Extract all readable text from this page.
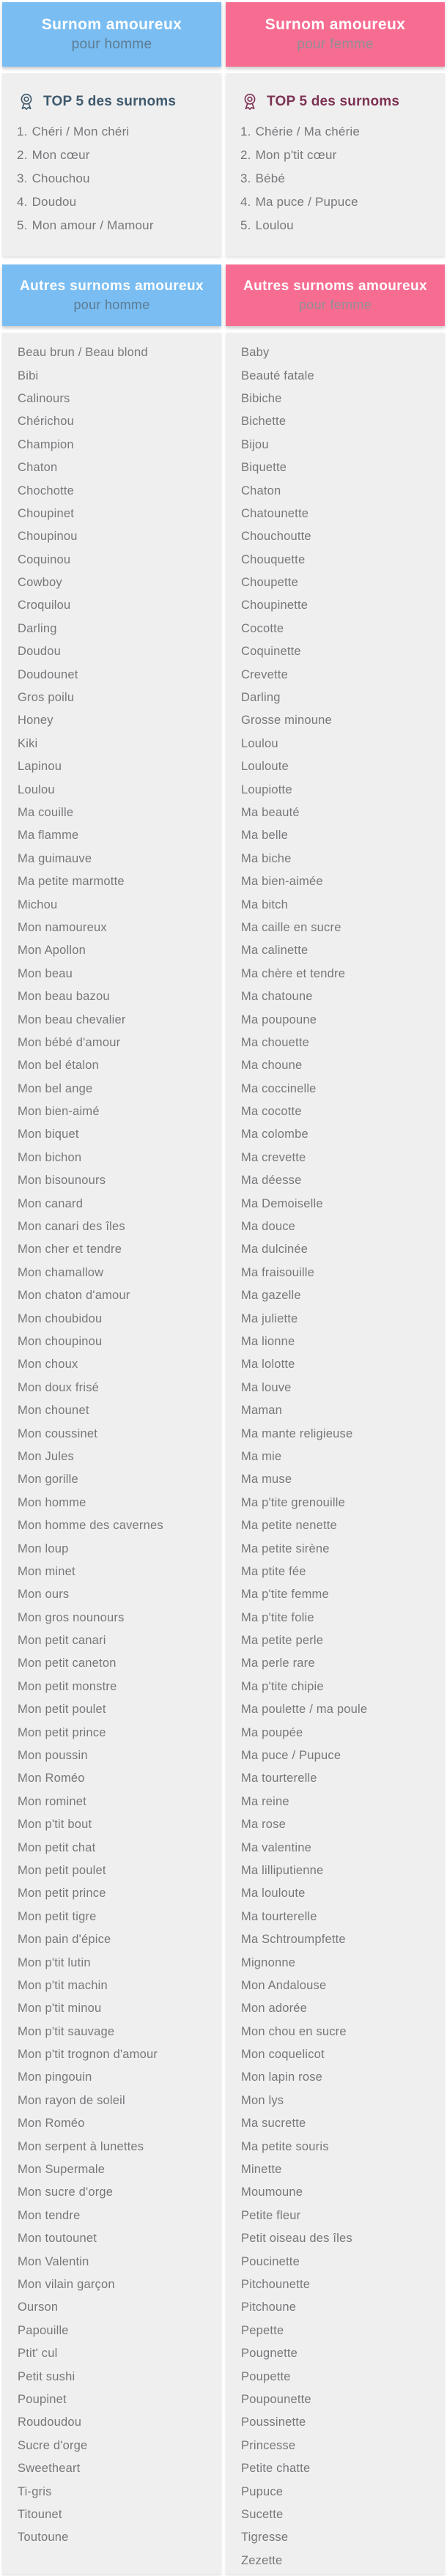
Surnom amoureux
pour homme
TOP 5 des surnoms
1. Chéri / Mon chéri
2. Mon cœur
3. Chouchou
4. Doudou
5. Mon amour / Mamour
Autres surnoms amoureux
pour homme
Beau brun / Beau blond
Bibi
Calinours
Chérichou
Champion
Chaton
Chochotte
Choupinet
Choupinou
Coquinou
Cowboy
Croquilou
Darling
Doudou
Doudounet
Gros poilu
Honey
Kiki
Lapinou
Loulou
Ma couille
Ma flamme
Ma guimauve
Ma petite marmotte
Michou
Mon namoureux
Mon Apollon
Mon beau
Mon beau bazou
Mon beau chevalier
Mon bébé d'amour
Mon bel étalon
Mon bel ange
Mon bien-aimé
Mon biquet
Mon bichon
Mon bisounours
Mon canard
Mon canari des îles
Mon cher et tendre
Mon chamallow
Mon chaton d'amour
Mon choubidou
Mon choupinou
Mon choux
Mon doux frisé
Mon chounet
Mon coussinet
Mon Jules
Mon gorille
Mon homme
Mon homme des cavernes
Mon loup
Mon minet
Mon ours
Mon gros nounours
Mon petit canari
Mon petit caneton
Mon petit monstre
Mon petit poulet
Mon petit prince
Mon poussin
Mon Roméo
Mon rominet
Mon p'tit bout
Mon petit chat
Mon petit poulet
Mon petit prince
Mon petit tigre
Mon pain d'épice
Mon p'tit lutin
Mon p'tit machin
Mon p'tit minou
Mon p'tit sauvage
Mon p'tit trognon d'amour
Mon pingouin
Mon rayon de soleil
Mon Roméo
Mon serpent à lunettes
Mon Supermale
Mon sucre d'orge
Mon tendre
Mon toutounet
Mon Valentin
Mon vilain garçon
Ourson
Papouille
Ptit' cul
Petit sushi
Poupinet
Roudoudou
Sucre d'orge
Sweetheart
Ti-gris
Titounet
Toutoune
Surnom amoureux
pour femme
TOP 5 des surnoms
1. Chérie / Ma chérie
2. Mon p'tit cœur
3. Bébé
4. Ma puce / Pupuce
5. Loulou
Autres surnoms amoureux
pour femme
Baby
Beauté fatale
Bibiche
Bichette
Bijou
Biquette
Chaton
Chatounette
Chouchoutte
Chouquette
Choupette
Choupinette
Cocotte
Coquinette
Crevette
Darling
Grosse minoune
Loulou
Louloute
Loupiotte
Ma beauté
Ma belle
Ma biche
Ma bien-aimée
Ma bitch
Ma caille en sucre
Ma calinette
Ma chère et tendre
Ma chatoune
Ma poupoune
Ma chouette
Ma choune
Ma coccinelle
Ma cocotte
Ma colombe
Ma crevette
Ma déesse
Ma Demoiselle
Ma douce
Ma dulcinée
Ma fraisouille
Ma gazelle
Ma juliette
Ma lionne
Ma lolotte
Ma louve
Maman
Ma mante religieuse
Ma mie
Ma muse
Ma p'tite grenouille
Ma petite nenette
Ma petite sirène
Ma ptite fée
Ma p'tite femme
Ma p'tite folie
Ma petite perle
Ma perle rare
Ma p'tite chipie
Ma poulette / ma poule
Ma poupée
Ma puce / Pupuce
Ma tourterelle
Ma reine
Ma rose
Ma valentine
Ma lilliputienne
Ma louloute
Ma tourterelle
Ma Schtroumpfette
Mignonne
Mon Andalouse
Mon adorée
Mon chou en sucre
Mon coquelicot
Mon lapin rose
Mon lys
Ma sucrette
Ma petite souris
Minette
Moumoune
Petite fleur
Petit oiseau des îles
Poucinette
Pitchounette
Pitchoune
Pepette
Pougnette
Poupette
Poupounette
Poussinette
Princesse
Petite chatte
Pupuce
Sucette
Tigresse
Zezette
